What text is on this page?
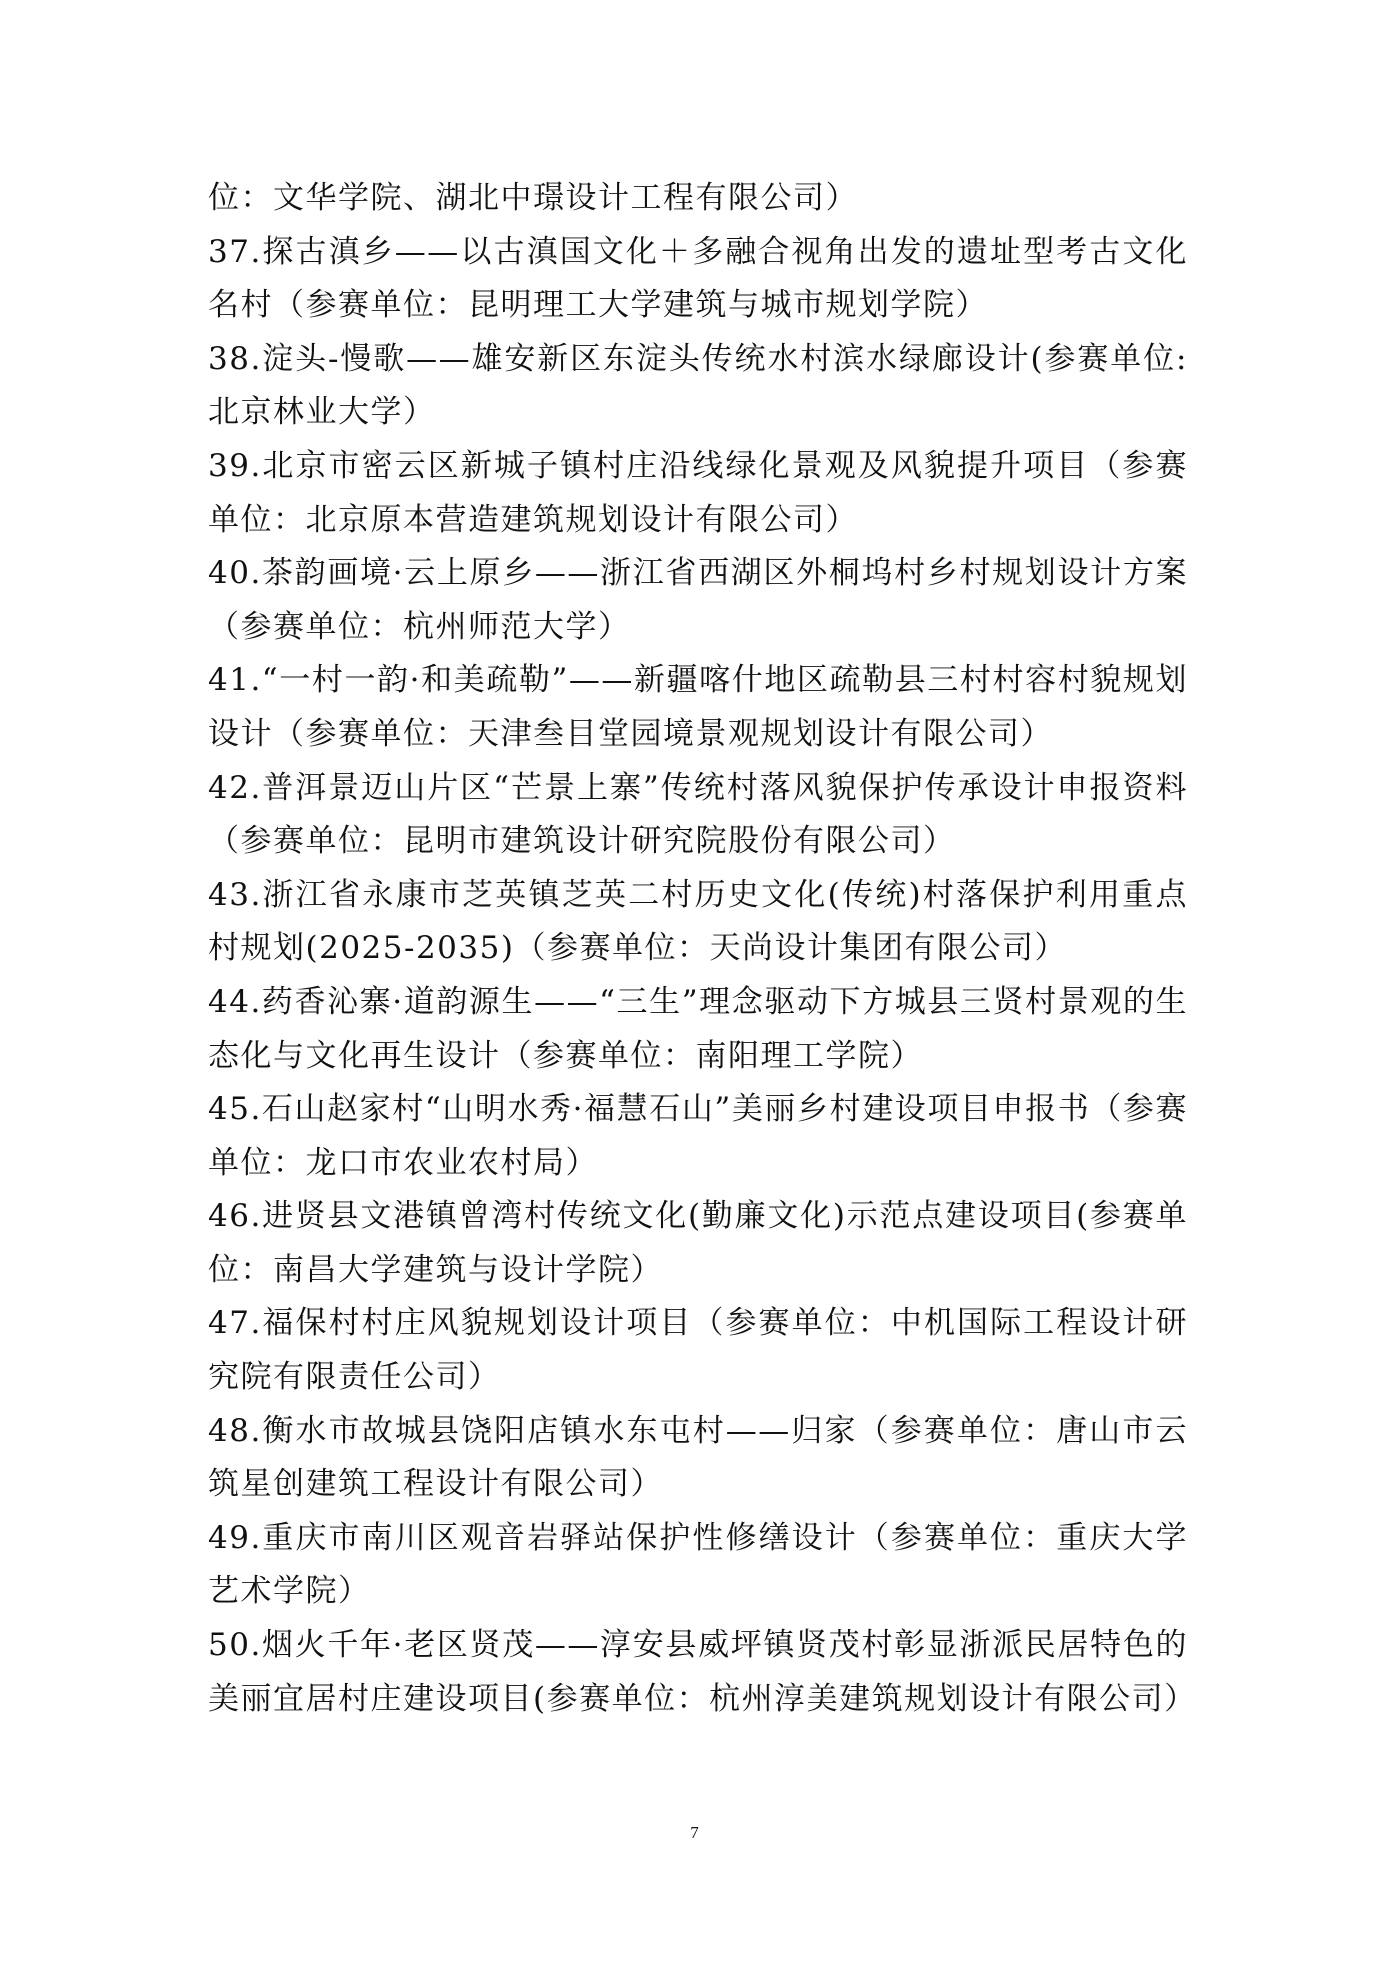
位：文华学院、湖北中璟设计工程有限公司）

37.探古滇乡——以古滇国文化＋多融合视角出发的遗址型考古文化名村（参赛单位：昆明理工大学建筑与城市规划学院）

38.淀头-慢歌——雄安新区东淀头传统水村滨水绿廊设计(参赛单位:北京林业大学）

39.北京市密云区新城子镇村庄沿线绿化景观及风貌提升项目（参赛单位：北京原本营造建筑规划设计有限公司）

40.茶韵画境·云上原乡——浙江省西湖区外桐坞村乡村规划设计方案（参赛单位：杭州师范大学）

41.“一村一韵·和美疏勒”——新疆喀什地区疏勒县三村村容村貌规划设计（参赛单位：天津叁目堂园境景观规划设计有限公司）

42.普洱景迈山片区“芒景上寨”传统村落风貌保护传承设计申报资料（参赛单位：昆明市建筑设计研究院股份有限公司）

43.浙江省永康市芝英镇芝英二村历史文化(传统)村落保护利用重点村规划(2025-2035)（参赛单位：天尚设计集团有限公司）

44.药香沁寨·道韵源生——“三生”理念驱动下方城县三贤村景观的生态化与文化再生设计（参赛单位：南阳理工学院）

45.石山赵家村“山明水秀·福慧石山”美丽乡村建设项目申报书（参赛单位：龙口市农业农村局）

46.进贤县文港镇曾湾村传统文化(勤廉文化)示范点建设项目(参赛单位：南昌大学建筑与设计学院）

47.福保村村庄风貌规划设计项目（参赛单位：中机国际工程设计研究院有限责任公司）

48.衡水市故城县饶阳店镇水东屯村——归家（参赛单位：唐山市云筑星创建筑工程设计有限公司）

49.重庆市南川区观音岩驿站保护性修缮设计（参赛单位：重庆大学艺术学院）

50.烟火千年·老区贤茂——淳安县威坪镇贤茂村彰显浙派民居特色的美丽宜居村庄建设项目(参赛单位：杭州淳美建筑规划设计有限公司）

7
